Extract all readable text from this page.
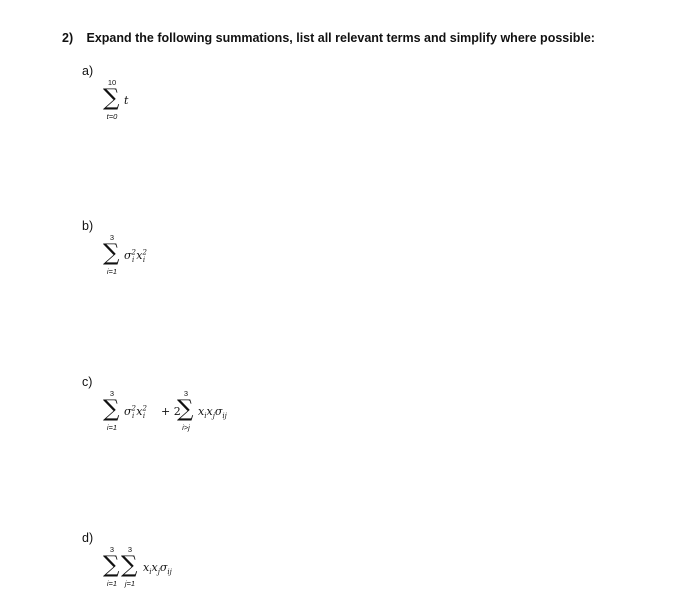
2) Expand the following summations, list all relevant terms and simplify where possible:
a)
10
∑
t=0
t
b)
3
∑
i=1
$\sigma^2_i$ $x^2_i$
c)
3
∑
i=1
$\sigma^2_i$ $x^2_i + 2$
3
∑
i>j
$x_ix_j\sigma_{ij}$
d)
3
∑
i=1
3
∑
j=1
$x_ix_j\sigma_{ij}$
